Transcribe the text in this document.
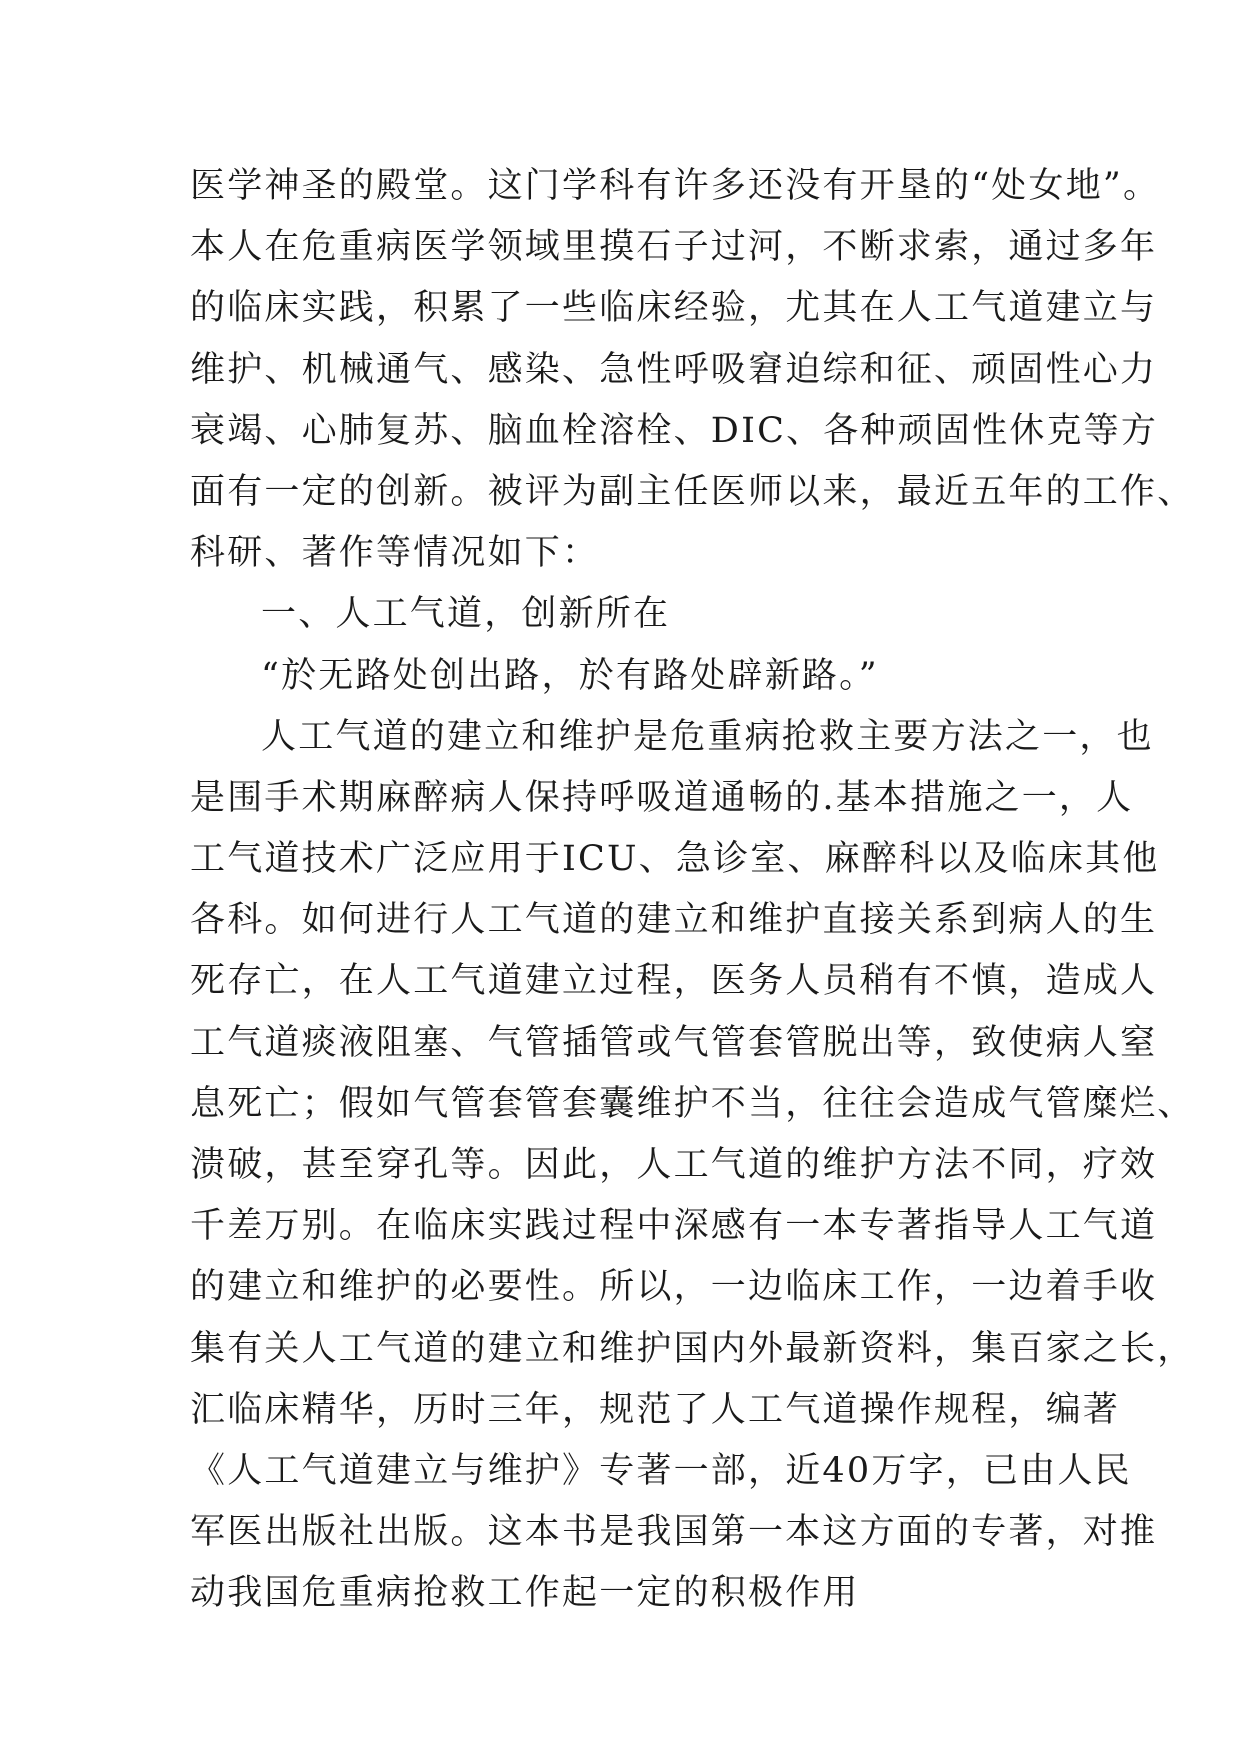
医学神圣的殿堂。这门学科有许多还没有开垦的“处女地”。
本人在危重病医学领域里摸石子过河，不断求索，通过多年
的临床实践，积累了一些临床经验，尤其在人工气道建立与
维护、机械通气、感染、急性呼吸窘迫综和征、顽固性心力
衰竭、心肺复苏、脑血栓溶栓、DIC、各种顽固性休克等方
面有一定的创新。被评为副主任医师以来，最近五年的工作、
科研、著作等情况如下：
一、人工气道，创新所在
“於无路处创出路，於有路处辟新路。”
人工气道的建立和维护是危重病抢救主要方法之一，也
是围手术期麻醉病人保持呼吸道通畅的.基本措施之一，人
工气道技术广泛应用于ICU、急诊室、麻醉科以及临床其他
各科。如何进行人工气道的建立和维护直接关系到病人的生
死存亡，在人工气道建立过程，医务人员稍有不慎，造成人
工气道痰液阻塞、气管插管或气管套管脱出等，致使病人窒
息死亡；假如气管套管套囊维护不当，往往会造成气管糜烂、
溃破，甚至穿孔等。因此，人工气道的维护方法不同，疗效
千差万别。在临床实践过程中深感有一本专著指导人工气道
的建立和维护的必要性。所以，一边临床工作，一边着手收
集有关人工气道的建立和维护国内外最新资料，集百家之长，
汇临床精华，历时三年，规范了人工气道操作规程，编著
《人工气道建立与维护》专著一部，近40万字，已由人民
军医出版社出版。这本书是我国第一本这方面的专著，对推
动我国危重病抢救工作起一定的积极作用
